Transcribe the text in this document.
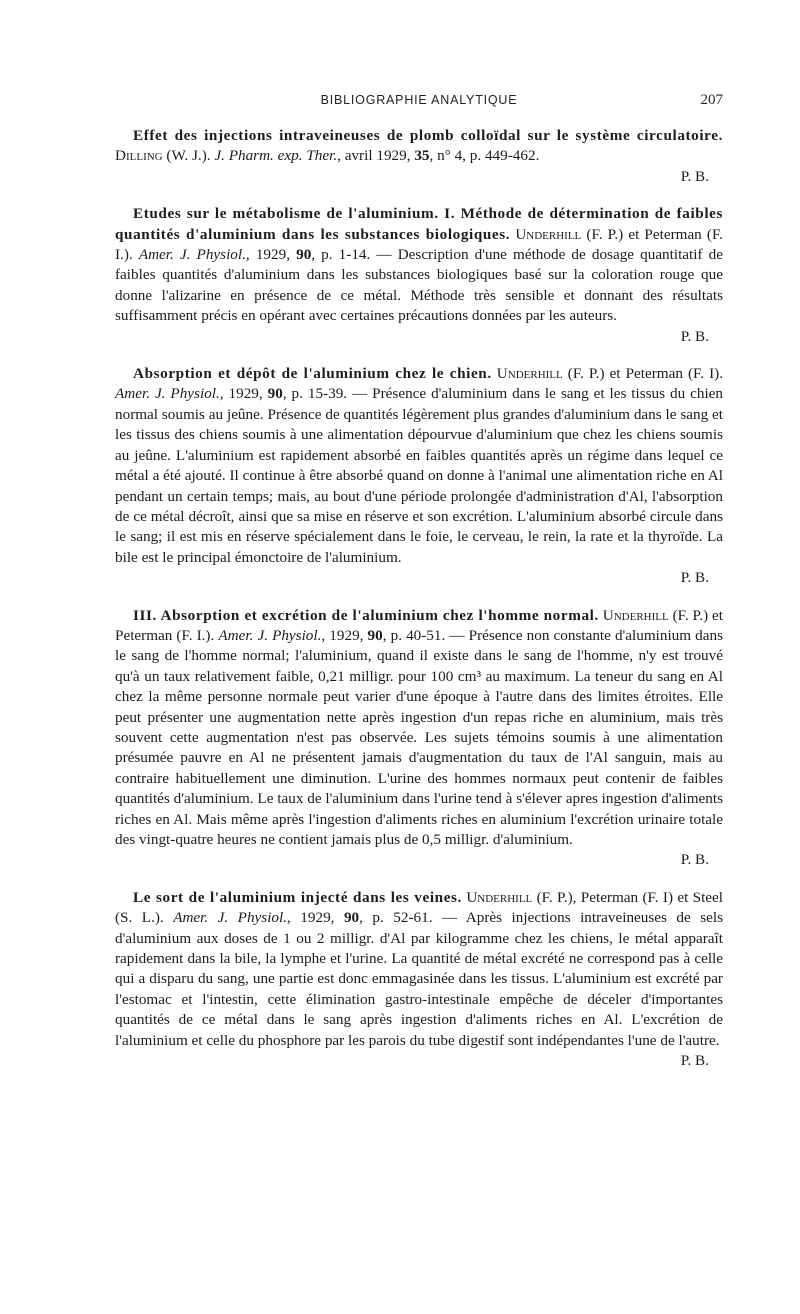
BIBLIOGRAPHIE ANALYTIQUE	207

Effet des injections intraveineuses de plomb colloïdal sur le système circulatoire. Dilling (W. J.). J. Pharm. exp. Ther., avril 1929, 35, n° 4, p. 449-462.

P. B.

Etudes sur le métabolisme de l'aluminium. I. Méthode de détermination de faibles quantités d'aluminium dans les substances biologiques. Underhill (F. P.) et Peterman (F. I.). Amer. J. Physiol., 1929, 90, p. 1-14. — Description d'une méthode de dosage quantitatif de faibles quantités d'aluminium dans les substances biologiques basé sur la coloration rouge que donne l'alizarine en présence de ce métal. Méthode très sensible et donnant des résultats suffisamment précis en opérant avec certaines précautions données par les auteurs.

P. B.

Absorption et dépôt de l'aluminium chez le chien. Underhill (F. P.) et Peterman (F. I). Amer. J. Physiol., 1929, 90, p. 15-39. — Présence d'aluminium dans le sang et les tissus du chien normal soumis au jeûne. Présence de quantités légèrement plus grandes d'aluminium dans le sang et les tissus des chiens soumis à une alimentation dépourvue d'aluminium que chez les chiens soumis au jeûne. L'aluminium est rapidement absorbé en faibles quantités après un régime dans lequel ce métal a été ajouté. Il continue à être absorbé quand on donne à l'animal une alimentation riche en Al pendant un certain temps; mais, au bout d'une période prolongée d'administration d'Al, l'absorption de ce métal décroît, ainsi que sa mise en réserve et son excrétion. L'aluminium absorbé circule dans le sang; il est mis en réserve spécialement dans le foie, le cerveau, le rein, la rate et la thyroïde. La bile est le principal émonctoire de l'aluminium.

P. B.

III. Absorption et excrétion de l'aluminium chez l'homme normal. Underhill (F. P.) et Peterman (F. I.). Amer. J. Physiol., 1929, 90, p. 40-51. — Présence non constante d'aluminium dans le sang de l'homme normal; l'aluminium, quand il existe dans le sang de l'homme, n'y est trouvé qu'à un taux relativement faible, 0,21 milligr. pour 100 cm³ au maximum. La teneur du sang en Al chez la même personne normale peut varier d'une époque à l'autre dans des limites étroites. Elle peut présenter une augmentation nette après ingestion d'un repas riche en aluminium, mais très souvent cette augmentation n'est pas observée. Les sujets témoins soumis à une alimentation présumée pauvre en Al ne présentent jamais d'augmentation du taux de l'Al sanguin, mais au contraire habituellement une diminution. L'urine des hommes normaux peut contenir de faibles quantités d'aluminium. Le taux de l'aluminium dans l'urine tend à s'élever apres ingestion d'aliments riches en Al. Mais même après l'ingestion d'aliments riches en aluminium l'excrétion urinaire totale des vingt-quatre heures ne contient jamais plus de 0,5 milligr. d'aluminium.

P. B.

Le sort de l'aluminium injecté dans les veines. Underhill (F. P.), Peterman (F. I) et Steel (S. L.). Amer. J. Physiol., 1929, 90, p. 52-61. — Après injections intraveineuses de sels d'aluminium aux doses de 1 ou 2 milligr. d'Al par kilogramme chez les chiens, le métal apparaît rapidement dans la bile, la lymphe et l'urine. La quantité de métal excrété ne correspond pas à celle qui a disparu du sang, une partie est donc emmagasinée dans les tissus. L'aluminium est excrété par l'estomac et l'intestin, cette élimination gastro-intestinale empêche de déceler d'importantes quantités de ce métal dans le sang après ingestion d'aliments riches en Al. L'excrétion de l'aluminium et celle du phosphore par les parois du tube digestif sont indépendantes l'une de l'autre.

P. B.
